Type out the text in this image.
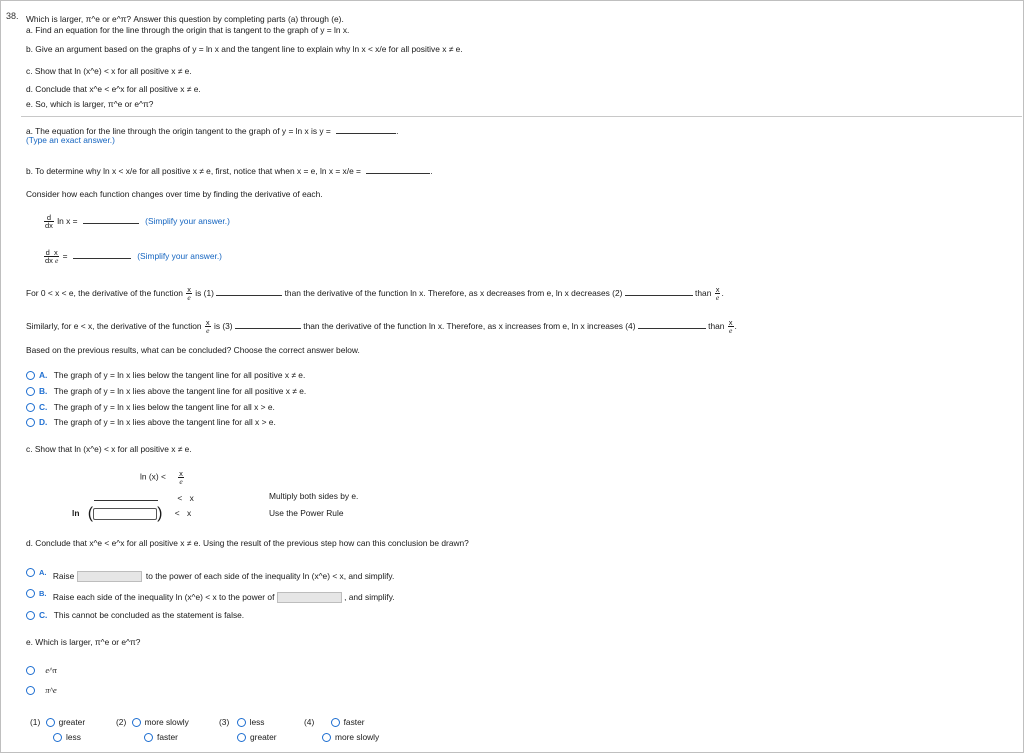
38. Which is larger, π^e or e^π? Answer this question by completing parts (a) through (e).
a. Find an equation for the line through the origin that is tangent to the graph of y = ln x.
b. Give an argument based on the graphs of y = ln x and the tangent line to explain why ln x < x/e for all positive x ≠ e.
c. Show that ln (x^e) < x for all positive x ≠ e.
d. Conclude that x^e < e^x for all positive x ≠ e.
e. So, which is larger, π^e or e^π?
a. The equation for the line through the origin tangent to the graph of y = ln x is y =	.
(Type an exact answer.)
b. To determine why ln x < x/e for all positive x ≠ e, first, notice that when x = e, ln x = x/e =	.
Consider how each function changes over time by finding the derivative of each.
$\frac{d}{dx}$ ln x =	(Simplify your answer.)
$\frac{\text{d  x}}{\text{dx e}}$ =	(Simplify your answer.)
For 0 < x < e, the derivative of the function $\frac{x}{e}$ is (1)	than the derivative of the function ln x. Therefore, as x decreases from e, ln x decreases (2)	than $\frac{x}{e}$ .
Similarly, for e < x, the derivative of the function $\frac{x}{e}$ is (3)	than the derivative of the function ln x. Therefore, as x increases from e, ln x increases (4)	than $\frac{x}{e}$ .
Based on the previous results, what can be concluded? Choose the correct answer below.
A. The graph of y = ln x lies below the tangent line for all positive x ≠ e.
B. The graph of y = ln x lies above the tangent line for all positive x ≠ e.
C. The graph of y = ln x lies below the tangent line for all x > e.
D. The graph of y = ln x lies above the tangent line for all x > e.
c. Show that ln (x^e) < x for all positive x ≠ e.
$\ln (x) < \frac{x}{e}$
< x	Multiply both sides by e.
ln (	) < x	Use the Power Rule
d. Conclude that x^e < e^x for all positive x ≠ e. Using the result of the previous step how can this conclusion be drawn?
A. Raise	to the power of each side of the inequality ln (x^e) < x, and simplify.
B. Raise each side of the inequality ln (x^e) < x to the power of	, and simplify.
C. This cannot be concluded as the statement is false.
e. Which is larger, π^e or e^π?
e^π
π^e
(1) greater
less
(2) more slowly
faster
(3) less
greater
(4)	faster
more slowly
